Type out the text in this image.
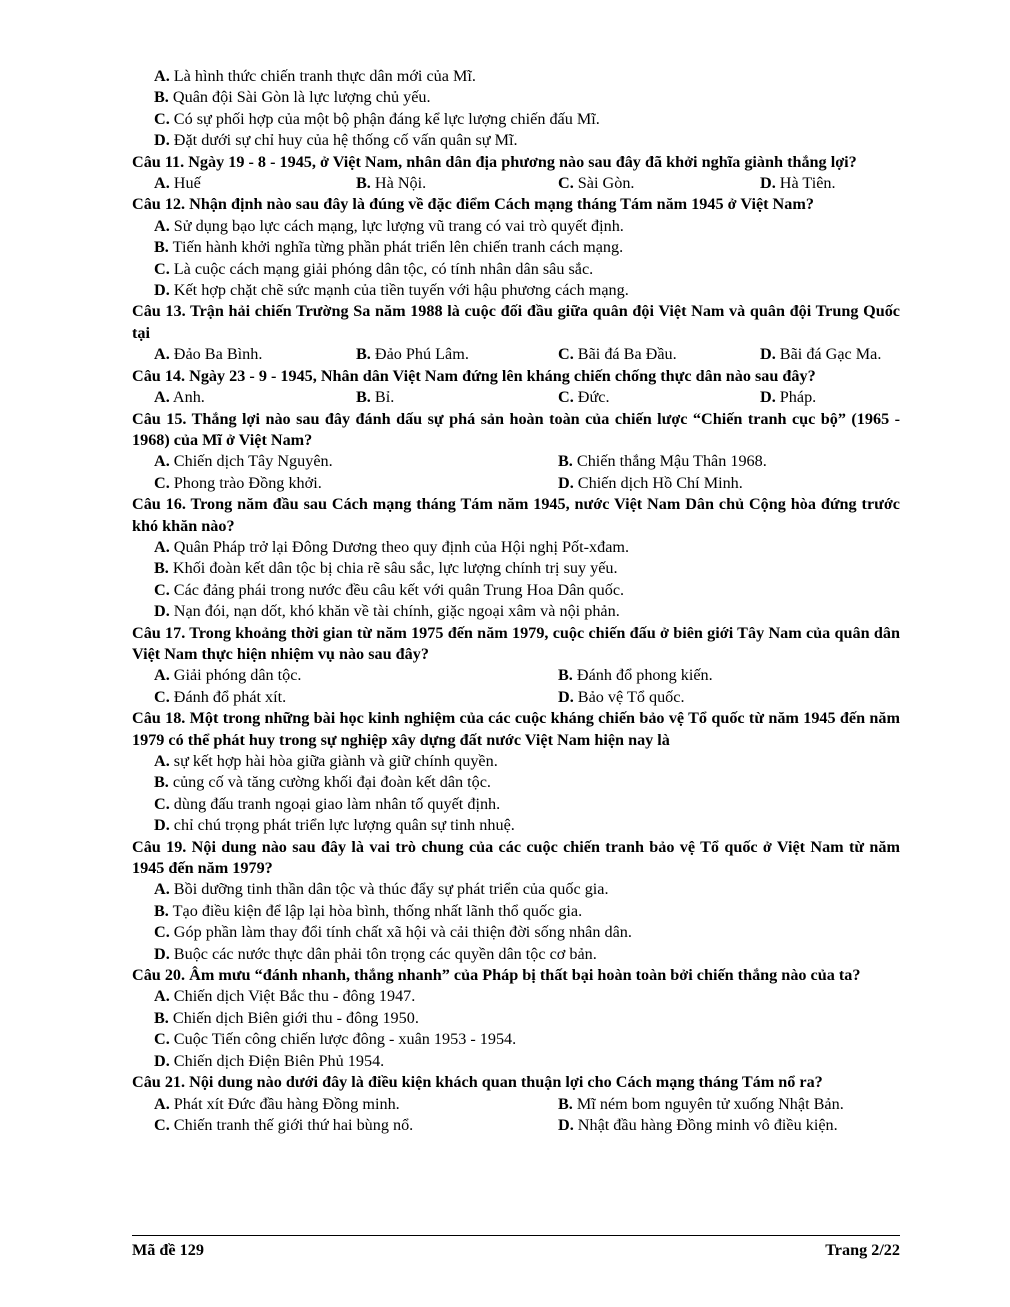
A. Là hình thức chiến tranh thực dân mới của Mĩ.
B. Quân đội Sài Gòn là lực lượng chủ yếu.
C. Có sự phối hợp của một bộ phận đáng kể lực lượng chiến đấu Mĩ.
D. Đặt dưới sự chỉ huy của hệ thống cố vấn quân sự Mĩ.
Câu 11. Ngày 19 - 8 - 1945, ở Việt Nam, nhân dân địa phương nào sau đây đã khởi nghĩa giành thắng lợi?
A. Huế	B. Hà Nội.	C. Sài Gòn.	D. Hà Tiên.
Câu 12. Nhận định nào sau đây là đúng về đặc điểm Cách mạng tháng Tám năm 1945 ở Việt Nam?
A. Sử dụng bạo lực cách mạng, lực lượng vũ trang có vai trò quyết định.
B. Tiến hành khởi nghĩa từng phần phát triển lên chiến tranh cách mạng.
C. Là cuộc cách mạng giải phóng dân tộc, có tính nhân dân sâu sắc.
D. Kết hợp chặt chẽ sức mạnh của tiền tuyến với hậu phương cách mạng.
Câu 13. Trận hải chiến Trường Sa năm 1988 là cuộc đối đầu giữa quân đội Việt Nam và quân đội Trung Quốc tại
A. Đảo Ba Bình.	B. Đảo Phú Lâm.	C. Bãi đá Ba Đầu.	D. Bãi đá Gạc Ma.
Câu 14. Ngày 23 - 9 - 1945, Nhân dân Việt Nam đứng lên kháng chiến chống thực dân nào sau đây?
A. Anh.	B. Bỉ.	C. Đức.	D. Pháp.
Câu 15. Thắng lợi nào sau đây đánh dấu sự phá sản hoàn toàn của chiến lược “Chiến tranh cục bộ” (1965 - 1968) của Mĩ ở Việt Nam?
A. Chiến dịch Tây Nguyên.	B. Chiến thắng Mậu Thân 1968.
C. Phong trào Đồng khởi.	D. Chiến dịch Hồ Chí Minh.
Câu 16. Trong năm đầu sau Cách mạng tháng Tám năm 1945, nước Việt Nam Dân chủ Cộng hòa đứng trước khó khăn nào?
A. Quân Pháp trở lại Đông Dương theo quy định của Hội nghị Pốt-xđam.
B. Khối đoàn kết dân tộc bị chia rẽ sâu sắc, lực lượng chính trị suy yếu.
C. Các đảng phái trong nước đều câu kết với quân Trung Hoa Dân quốc.
D. Nạn đói, nạn dốt, khó khăn về tài chính, giặc ngoại xâm và nội phản.
Câu 17. Trong khoảng thời gian từ năm 1975 đến năm 1979, cuộc chiến đấu ở biên giới Tây Nam của quân dân Việt Nam thực hiện nhiệm vụ nào sau đây?
A. Giải phóng dân tộc.	B. Đánh đổ phong kiến.
C. Đánh đổ phát xít.	D. Bảo vệ Tổ quốc.
Câu 18. Một trong những bài học kinh nghiệm của các cuộc kháng chiến bảo vệ Tổ quốc từ năm 1945 đến năm 1979 có thể phát huy trong sự nghiệp xây dựng đất nước Việt Nam hiện nay là
A. sự kết hợp hài hòa giữa giành và giữ chính quyền.
B. củng cố và tăng cường khối đại đoàn kết dân tộc.
C. dùng đấu tranh ngoại giao làm nhân tố quyết định.
D. chỉ chú trọng phát triển lực lượng quân sự tinh nhuệ.
Câu 19. Nội dung nào sau đây là vai trò chung của các cuộc chiến tranh bảo vệ Tổ quốc ở Việt Nam từ năm 1945 đến năm 1979?
A. Bồi dưỡng tinh thần dân tộc và thúc đẩy sự phát triển của quốc gia.
B. Tạo điều kiện để lập lại hòa bình, thống nhất lãnh thổ quốc gia.
C. Góp phần làm thay đổi tính chất xã hội và cải thiện đời sống nhân dân.
D. Buộc các nước thực dân phải tôn trọng các quyền dân tộc cơ bản.
Câu 20. Âm mưu “đánh nhanh, thắng nhanh” của Pháp bị thất bại hoàn toàn bởi chiến thắng nào của ta?
A. Chiến dịch Việt Bắc thu - đông 1947.
B. Chiến dịch Biên giới thu - đông 1950.
C. Cuộc Tiến công chiến lược đông - xuân 1953 - 1954.
D. Chiến dịch Điện Biên Phủ 1954.
Câu 21. Nội dung nào dưới đây là điều kiện khách quan thuận lợi cho Cách mạng tháng Tám nổ ra?
A. Phát xít Đức đầu hàng Đồng minh.	B. Mĩ ném bom nguyên tử xuống Nhật Bản.
C. Chiến tranh thế giới thứ hai bùng nổ.	D. Nhật đầu hàng Đồng minh vô điều kiện.
Mã đề 129	Trang 2/22
